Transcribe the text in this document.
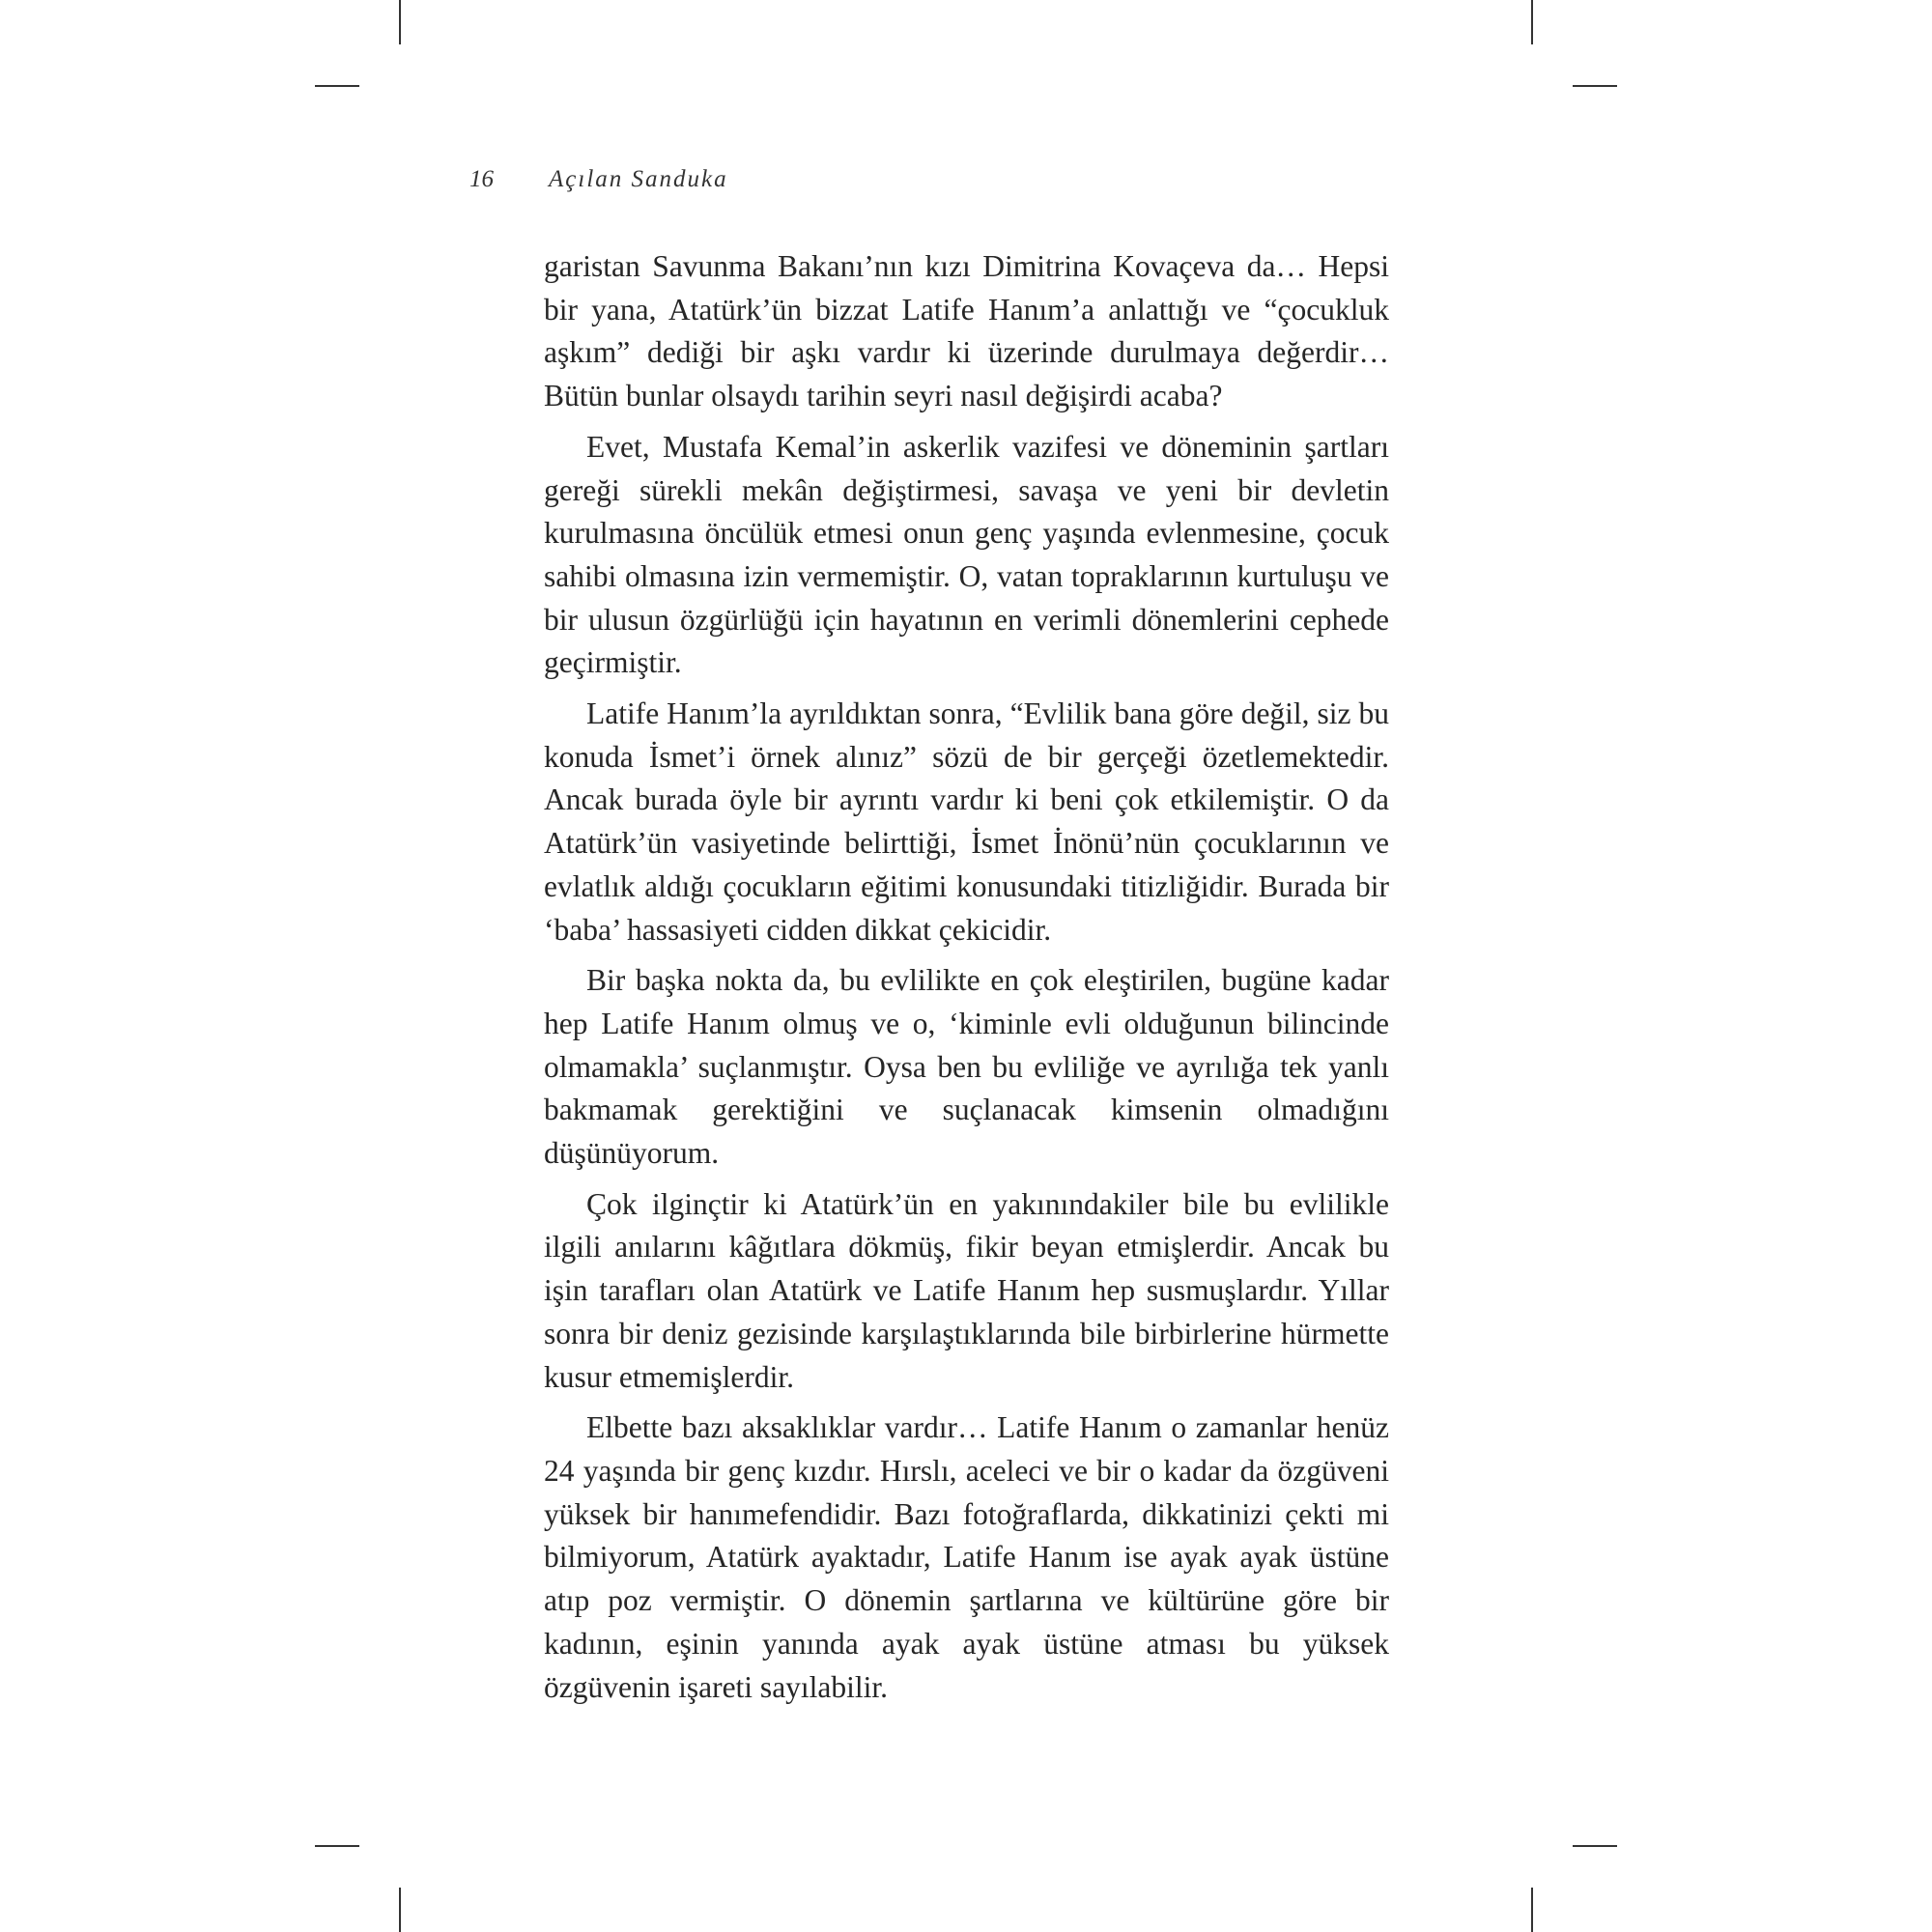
16 Açılan Sanduka

garistan Savunma Bakanı’nın kızı Dimitrina Kovaçeva da… Hepsi bir yana, Atatürk’ün bizzat Latife Hanım’a anlattığı ve “çocukluk aşkım” dediği bir aşkı vardır ki üzerinde durulmaya değerdir… Bütün bunlar olsaydı tarihin seyri nasıl değişirdi acaba?

Evet, Mustafa Kemal’in askerlik vazifesi ve döneminin şartları gereği sürekli mekân değiştirmesi, savaşa ve yeni bir devletin kurulmasına öncülük etmesi onun genç yaşında evlenmesine, çocuk sahibi olmasına izin vermemiştir. O, vatan topraklarının kurtuluşu ve bir ulusun özgürlüğü için hayatının en verimli dönemlerini cephede geçirmiştir.

Latife Hanım’la ayrıldıktan sonra, “Evlilik bana göre değil, siz bu konuda İsmet’i örnek alınız” sözü de bir gerçeği özetlemektedir. Ancak burada öyle bir ayrıntı vardır ki beni çok etkilemiştir. O da Atatürk’ün vasiyetinde belirttiği, İsmet İnönü’nün çocuklarının ve evlatlık aldığı çocukların eğitimi konusundaki titizliğidir. Burada bir ‘baba’ hassasiyeti cidden dikkat çekicidir.

Bir başka nokta da, bu evlilikte en çok eleştirilen, bugüne kadar hep Latife Hanım olmuş ve o, ‘kiminle evli olduğunun bilincinde olmamakla’ suçlanmıştır. Oysa ben bu evliliğe ve ayrılığa tek yanlı bakmamak gerektiğini ve suçlanacak kimsenin olmadığını düşünüyorum.

Çok ilginçtir ki Atatürk’ün en yakınındakiler bile bu evlilikle ilgili anılarını kâğıtlara dökmüş, fikir beyan etmişlerdir. Ancak bu işin tarafları olan Atatürk ve Latife Hanım hep susmuşlardır. Yıllar sonra bir deniz gezisinde karşılaştıklarında bile birbirlerine hürmette kusur etmemişlerdir.

Elbette bazı aksaklıklar vardır… Latife Hanım o zamanlar henüz 24 yaşında bir genç kızdır. Hırslı, aceleci ve bir o kadar da özgüveni yüksek bir hanımefendidir. Bazı fotoğraflarda, dikkatinizi çekti mi bilmiyorum, Atatürk ayaktadır, Latife Hanım ise ayak ayak üstüne atıp poz vermiştir. O dönemin şartlarına ve kültürüne göre bir kadının, eşinin yanında ayak ayak üstüne atması bu yüksek özgüvenin işareti sayılabilir.
